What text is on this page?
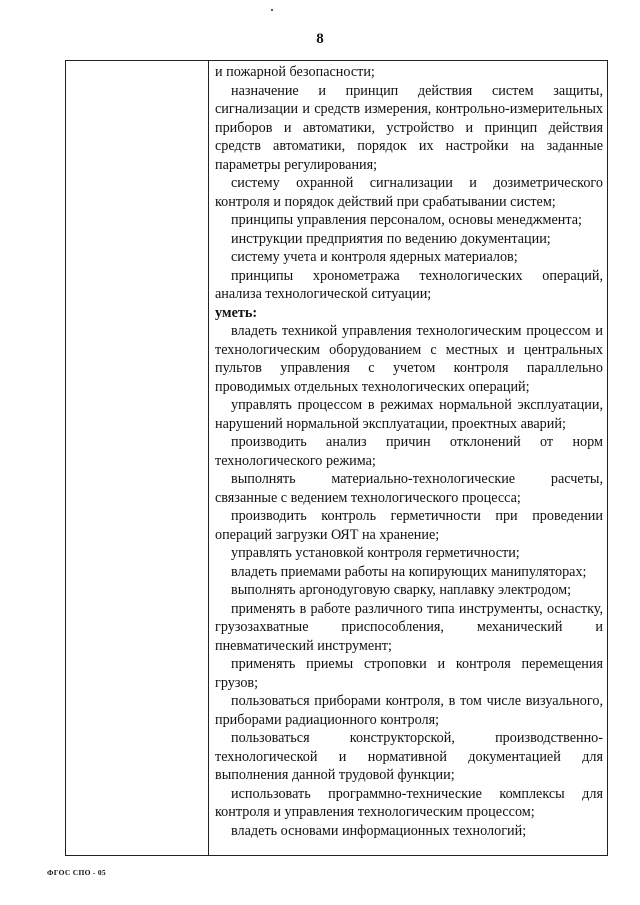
8

и пожарной безопасности;

назначение и принцип действия систем защиты, сигнализации и средств измерения, контрольно-измерительных приборов и автоматики, устройство и принцип действия средств автоматики, порядок их настройки на заданные параметры регулирования;

систему охранной сигнализации и дозиметрического контроля и порядок действий при срабатывании систем;

принципы управления персоналом, основы менеджмента;

инструкции предприятия по ведению документации;

систему учета и контроля ядерных материалов;

принципы хронометража технологических операций, анализа технологической ситуации;

уметь:

владеть техникой управления технологическим процессом и технологическим оборудованием с местных и центральных пультов управления с учетом контроля параллельно проводимых отдельных технологических операций;

управлять процессом в режимах нормальной эксплуатации, нарушений нормальной эксплуатации, проектных аварий;

производить анализ причин отклонений от норм технологического режима;

выполнять материально-технологические расчеты, связанные с ведением технологического процесса;

производить контроль герметичности при проведении операций загрузки ОЯТ на хранение;

управлять установкой контроля герметичности;

владеть приемами работы на копирующих манипуляторах;

выполнять аргонодуговую сварку, наплавку электродом;

применять в работе различного типа инструменты, оснастку, грузозахватные приспособления, механический и пневматический инструмент;

применять приемы строповки и контроля перемещения грузов;

пользоваться приборами контроля, в том числе визуального, приборами радиационного контроля;

пользоваться конструкторской, производственно-технологической и нормативной документацией для выполнения данной трудовой функции;

использовать программно-технические комплексы для контроля и управления технологическим процессом;

владеть основами информационных технологий;

ФГОС СПО - 05
